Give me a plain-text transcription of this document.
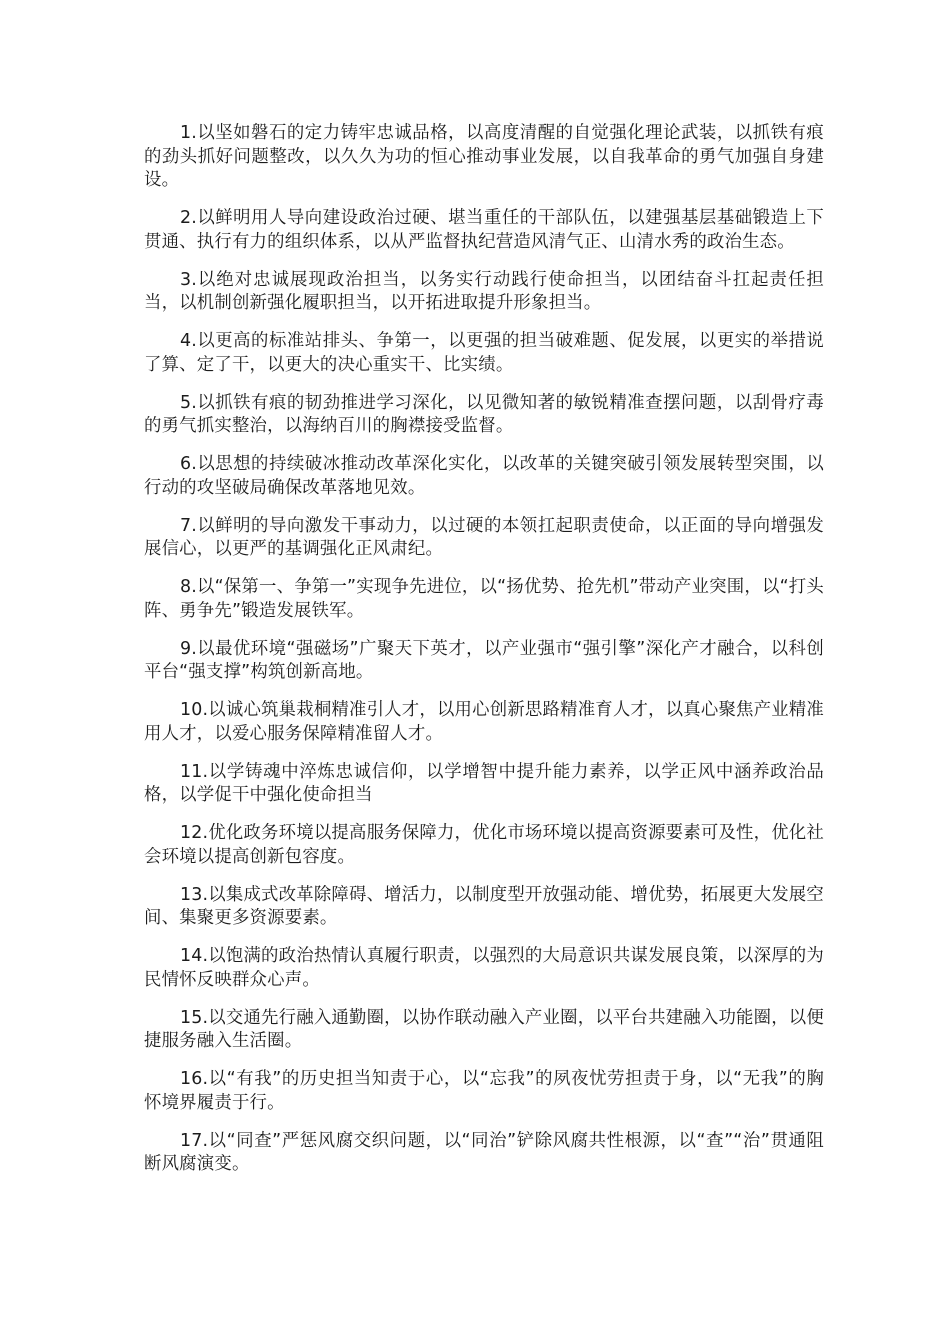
1.以坚如磐石的定力铸牢忠诚品格，以高度清醒的自觉强化理论武装，以抓铁有痕的劲头抓好问题整改，以久久为功的恒心推动事业发展，以自我革命的勇气加强自身建设。

2.以鲜明用人导向建设政治过硬、堪当重任的干部队伍，以建强基层基础锻造上下贯通、执行有力的组织体系，以从严监督执纪营造风清气正、山清水秀的政治生态。

3.以绝对忠诚展现政治担当，以务实行动践行使命担当，以团结奋斗扛起责任担当，以机制创新强化履职担当，以开拓进取提升形象担当。

4.以更高的标准站排头、争第一，以更强的担当破难题、促发展，以更实的举措说了算、定了干，以更大的决心重实干、比实绩。

5.以抓铁有痕的韧劲推进学习深化，以见微知著的敏锐精准查摆问题，以刮骨疗毒的勇气抓实整治，以海纳百川的胸襟接受监督。

6.以思想的持续破冰推动改革深化实化，以改革的关键突破引领发展转型突围，以行动的攻坚破局确保改革落地见效。

7.以鲜明的导向激发干事动力，以过硬的本领扛起职责使命，以正面的导向增强发展信心，以更严的基调强化正风肃纪。

8.以“保第一、争第一”实现争先进位，以“扬优势、抢先机”带动产业突围，以“打头阵、勇争先”锻造发展铁军。

9.以最优环境“强磁场”广聚天下英才，以产业强市“强引擎”深化产才融合，以科创平台“强支撑”构筑创新高地。

10.以诚心筑巢栽桐精准引人才，以用心创新思路精准育人才，以真心聚焦产业精准用人才，以爱心服务保障精准留人才。

11.以学铸魂中淬炼忠诚信仰，以学增智中提升能力素养，以学正风中涵养政治品格，以学促干中强化使命担当

12.优化政务环境以提高服务保障力，优化市场环境以提高资源要素可及性，优化社会环境以提高创新包容度。

13.以集成式改革除障碍、增活力，以制度型开放强动能、增优势，拓展更大发展空间、集聚更多资源要素。

14.以饱满的政治热情认真履行职责，以强烈的大局意识共谋发展良策，以深厚的为民情怀反映群众心声。

15.以交通先行融入通勤圈，以协作联动融入产业圈，以平台共建融入功能圈，以便捷服务融入生活圈。

16.以“有我”的历史担当知责于心，以“忘我”的夙夜忧劳担责于身，以“无我”的胸怀境界履责于行。

17.以“同查”严惩风腐交织问题，以“同治”铲除风腐共性根源，以“查”“治”贯通阻断风腐演变。
